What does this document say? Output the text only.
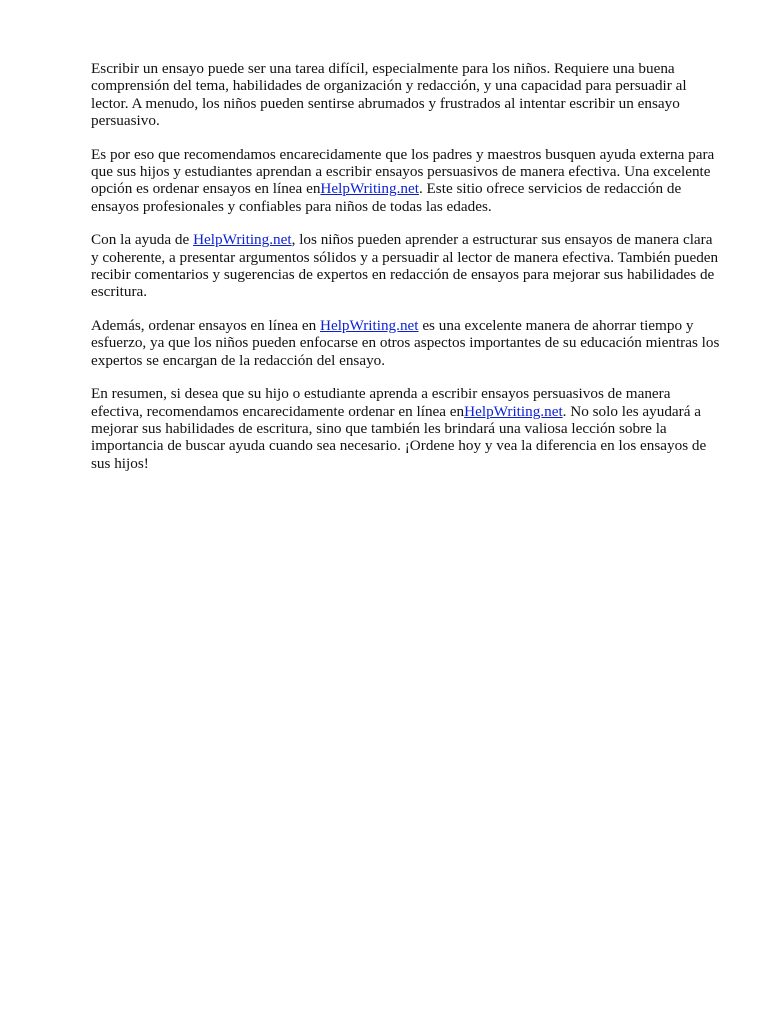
Escribir un ensayo puede ser una tarea difícil, especialmente para los niños. Requiere una buena comprensión del tema, habilidades de organización y redacción, y una capacidad para persuadir al lector. A menudo, los niños pueden sentirse abrumados y frustrados al intentar escribir un ensayo persuasivo.

Es por eso que recomendamos encarecidamente que los padres y maestros busquen ayuda externa para que sus hijos y estudiantes aprendan a escribir ensayos persuasivos de manera efectiva. Una excelente opción es ordenar ensayos en línea enHelpWriting.net. Este sitio ofrece servicios de redacción de ensayos profesionales y confiables para niños de todas las edades.

Con la ayuda de HelpWriting.net, los niños pueden aprender a estructurar sus ensayos de manera clara y coherente, a presentar argumentos sólidos y a persuadir al lector de manera efectiva. También pueden recibir comentarios y sugerencias de expertos en redacción de ensayos para mejorar sus habilidades de escritura.

Además, ordenar ensayos en línea en HelpWriting.net es una excelente manera de ahorrar tiempo y esfuerzo, ya que los niños pueden enfocarse en otros aspectos importantes de su educación mientras los expertos se encargan de la redacción del ensayo.

En resumen, si desea que su hijo o estudiante aprenda a escribir ensayos persuasivos de manera efectiva, recomendamos encarecidamente ordenar en línea enHelpWriting.net. No solo les ayudará a mejorar sus habilidades de escritura, sino que también les brindará una valiosa lección sobre la importancia de buscar ayuda cuando sea necesario. ¡Ordene hoy y vea la diferencia en los ensayos de sus hijos!
